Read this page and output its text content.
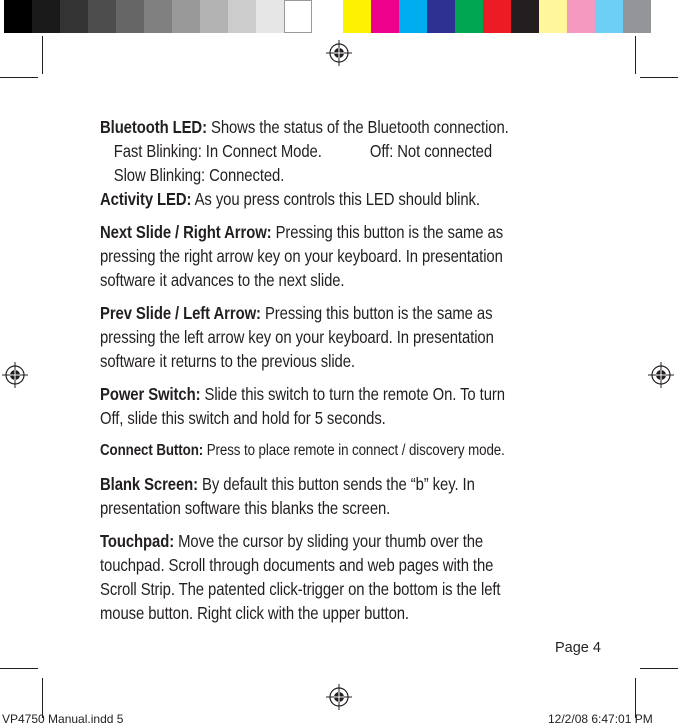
Bluetooth LED: Shows the status of the Bluetooth connection.

Fast Blinking: In Connect Mode.	Off: Not connected

Slow Blinking: Connected.

Activity LED: As you press controls this LED should blink.

Next Slide / Right Arrow: Pressing this button is the same as pressing the right arrow key on your keyboard. In presentation software it advances to the next slide.

Prev Slide / Left Arrow: Pressing this button is the same as pressing the left arrow key on your keyboard. In presentation software it returns to the previous slide.

Power Switch: Slide this switch to turn the remote On. To turn Off, slide this switch and hold for 5 seconds.

Connect Button: Press to place remote in connect / discovery mode.

Blank Screen: By default this button sends the “b” key. In presentation software this blanks the screen.

Touchpad: Move the cursor by sliding your thumb over the touchpad. Scroll through documents and web pages with the Scroll Strip. The patented click-trigger on the bottom is the left mouse button. Right click with the upper button.

Page 4
VP4750 Manual.indd 5	12/2/08 6:47:01 PM
